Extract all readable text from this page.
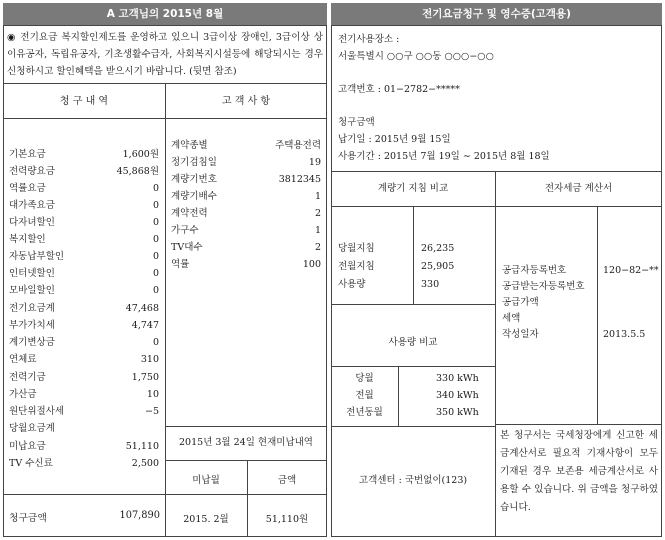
A 고객님의 2015년 8월	전기요금청구 및 영수증(고객용)
◉ 전기요금 복지할인제도를 운영하고 있으니 3급이상 장애인, 3급이상 상이유공자, 독립유공자, 기초생활수급자, 사회복지시설등에 해당되시는 경우 신청하시고 할인혜택을 받으시기 바랍니다. (뒷면 참조)
청 구 내 역
기본요금	1,600원
전력량요금	45,868원
역률요금	0
대가족요금	0
다자녀할인	0
복지할인	0
자동납부할인	0
인터넷할인	0
모바일할인	0
전기요금계	47,468
부가가치세	4,747
계기변상금	0
연체료	310
전력기금	1,750
가산금	10
원단위절사세	−5
당월요금계
미납요금	51,110
TV 수신료	2,500
청구금액	107,890
고 객 사 항
계약종별	주택용전력
정기검침일	19
계량기번호	3812345
계량기배수	1
계약전력	2
가구수	1
TV대수	2
역률	100
2015년 3월 24일 현재미납내역
미납월	금액
2015. 2월	51,110원
전기사용장소 :
서울특별시 ○○구 ○○동 ○○○−○○
고객번호 : 01−2782−*****
청구금액
납기일 : 2015년 9월 15일
사용기간 : 2015년 7월 19일 ∼ 2015년 8월 18일
계량기 지침 비교
당월지침	26,235
전월지침	25,905
사용량	330
사용량 비교
당월	330 kWh
전월	340 kWh
전년동월	350 kWh
고객센터 : 국번없이(123)
전자세금 계산서
공급자등록번호	120−82−**
공급받는자등록번호
공급가액
세액
작성일자	2013.5.5
본 청구서는 국세청장에게 신고한 세금계산서로 필요적 기재사항이 모두 기재된 경우 보존용 세금계산서로 사용할 수 있습니다. 위 금액을 청구하였습니다.
